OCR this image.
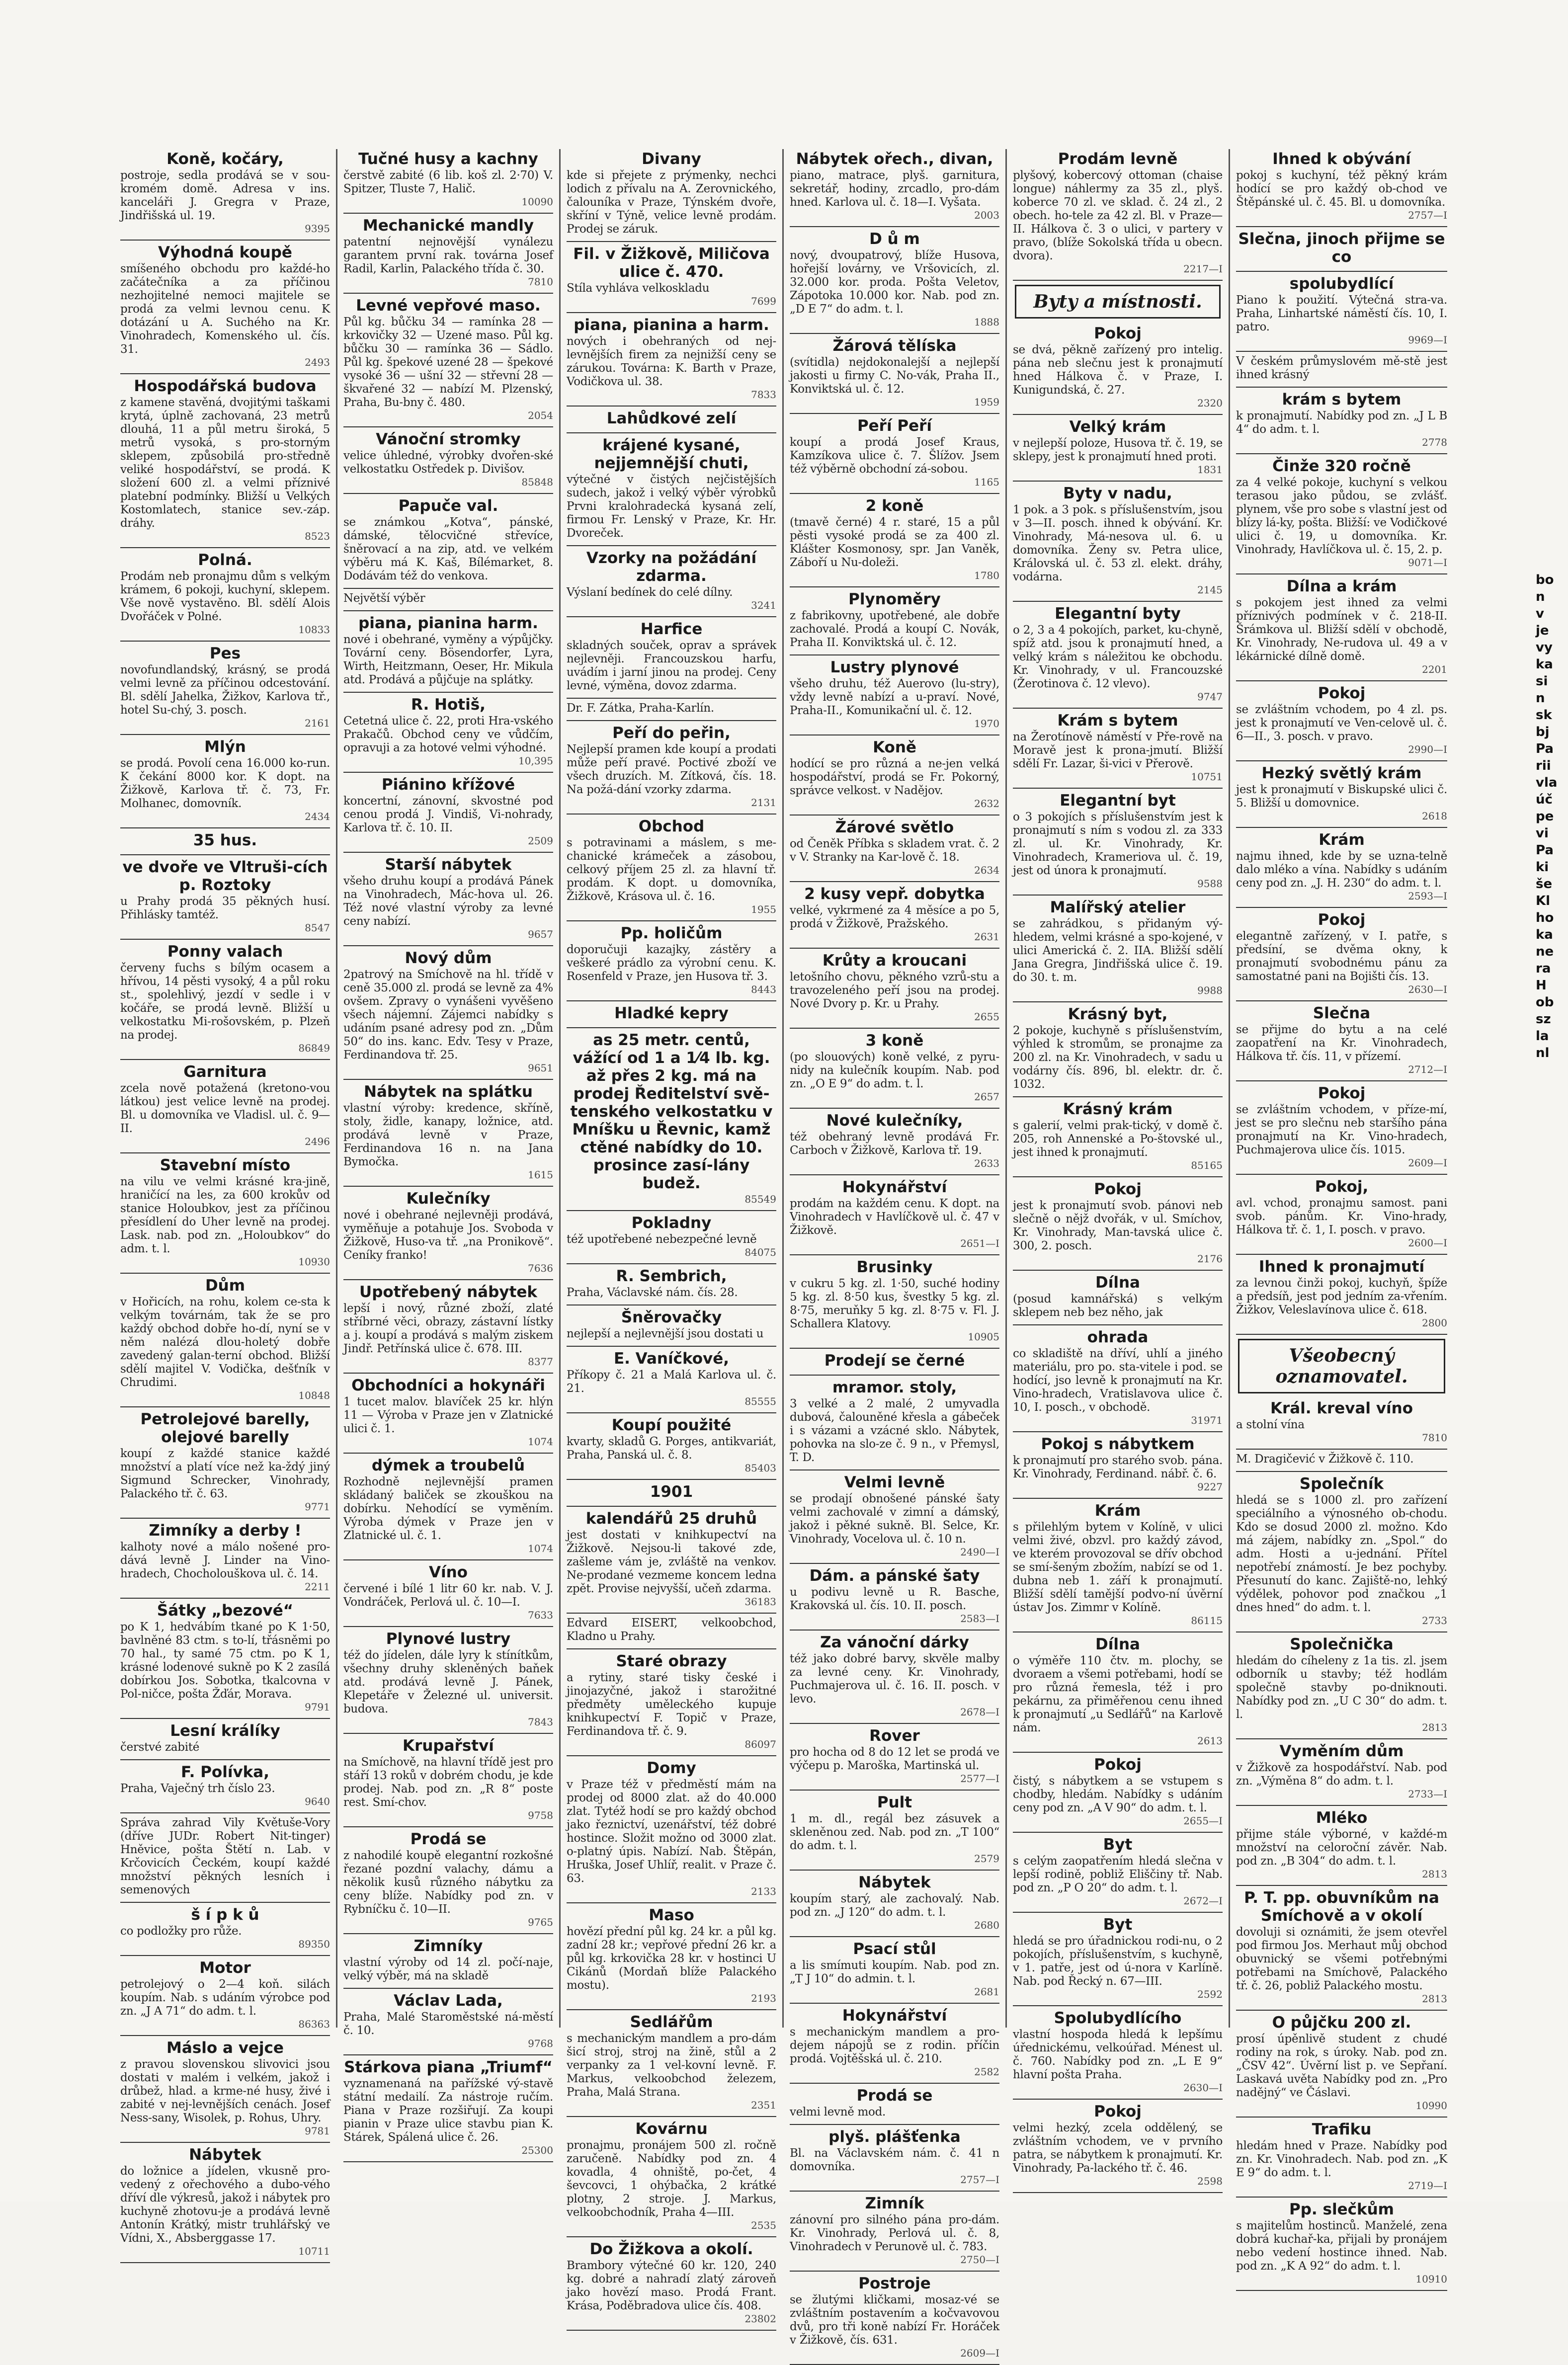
Koně, kočáry,
postroje, sedla prodává se v sou-kromém domě. Adresa v ins. kanceláři J. Gregra v Praze, Jindřišská ul. 19.
9395
Výhodná koupě
smíšeného obchodu pro každé-ho začátečníka a za příčinou nezhojitelné nemoci majitele se prodá za velmi levnou cenu. K dotázání u A. Suchého na Kr. Vinohradech, Komenského ul. čís. 31.
2493
Hospodářská budova
z kamene stavěná, dvojitými taškami krytá, úplně zachovaná, 23 metrů dlouhá, 11 a půl metru široká, 5 metrů vysoká, s pro-storným sklepem, způsobilá pro-středně veliké hospodářství, se prodá. K složení 600 zl. a velmi příznivé platební podmínky. Bližší u Velkých Kostomlatech, stanice sev.-záp. dráhy.
8523
Polná.
Prodám neb pronajmu dům s velkým krámem, 6 pokoji, kuchyní, sklepem. Vše nově vystavěno. Bl. sdělí Alois Dvořáček v Polné.
10833
Pes
novofundlandský, krásný, se prodá velmi levně za příčinou odcestování. Bl. sdělí Jahelka, Žižkov, Karlova tř., hotel Su-chý, 3. posch.
2161
Mlýn
se prodá. Povolí cena 16.000 ko-run. K čekání 8000 kor. K dopt. na Žižkově, Karlova tř. č. 73, Fr. Molhanec, domovník.
2434
35 hus.
ve dvoře ve Vltruši-cích p. Roztoky
u Prahy prodá 35 pěkných husí. Přihlásky tamtéž.
8547
Ponny valach
červeny fuchs s bílým ocasem a hřívou, 14 pěsti vysoký, 4 a půl roku st., spolehlivý, jezdí v sedle i v kočáře, se prodá levně. Bližší u velkostatku Mi-rošovském, p. Plzeň na prodej.
86849
Garnitura
zcela nově potažená (kretono-vou látkou) jest velice levně na prodej. Bl. u domovníka ve Vladisl. ul. č. 9—II.
2496
Stavební místo
na vilu ve velmi krásné kra-jině, hraničící na les, za 600 krokův od stanice Holoubkov, jest za příčinou přesídlení do Uher levně na prodej. Lask. nab. pod zn. „Holoubkov“ do adm. t. l.
10930
Dům
v Hořicích, na rohu, kolem ce-sta k velkým továrnám, tak že se pro každý obchod dobře ho-dí, nyní se v něm nalézá dlou-holetý dobře zavedený galan-terní obchod. Bližší sdělí majitel V. Vodička, dešťník v Chrudimi.
10848
Petrolejové barelly, olejové barelly
koupí z každé stanice každé množství a platí více než ka-ždý jiný Sigmund Schrecker, Vinohrady, Palackého tř. č. 63.
9771
Zimníky a derby !
kalhoty nové a málo nošené pro-dává levně J. Linder na Vino-hradech, Chocholouškova ul. č. 14.
2211
Šátky „bezové“
po K 1, hedvábím tkané po K 1·50, bavlněné 83 ctm. s to-lí, třásněmi po 70 hal., ty samé 75 ctm. po K 1, krásné lodenové sukně po K 2 zasílá dobírkou Jos. Sobotka, tkalcovna v Pol-ničce, pošta Žďár, Morava.
9791
Lesní králíky
čerstvé zabité
F. Polívka,
Praha, Vaječný trh číslo 23.
9640
Správa zahrad Vily Květuše-Vory (dříve JUDr. Robert Nit-tinger) Hněvice, pošta Štětí n. Lab. v Krčovicích Čeckém, koupí každé množství pěkných lesních i semenových
š í p k ů
co podložky pro růže.
89350
Motor
petrolejový o 2—4 koň. silách koupím. Nab. s udáním výrobce pod zn. „J A 71“ do adm. t. l.
86363
Máslo a vejce
z pravou slovenskou slivovici jsou dostati v malém i velkém, jakož i drůbež, hlad. a krme-né husy, živé i zabité v nej-levnějších cenách. Josef Ness-sany, Wisolek, p. Rohus, Uhry.
9781
Nábytek
do ložnice a jídelen, vkusně pro-vedený z ořechového a dubo-vého dříví dle výkresů, jakož i nábytek pro kuchyně zhotovu-je a prodává levně Antonín Krátký, mistr truhlářský ve Vídni, X., Absberggasse 17.
10711
Tučné husy a kachny
čerstvě zabité (6 lib. koš zl. 2·70) V. Spitzer, Tluste 7, Halič.
10090
Mechanické mandly
patentní nejnovější vynálezu garantem první rak. továrna Josef Radil, Karlin, Palackého třída č. 30.
7810
Levné vepřové maso.
Půl kg. bůčku 34 — ramínka 28 — krkovičky 32 — Uzené maso. Půl kg. bůčku 30 — ramínka 36 — Sádlo. Půl kg. špekové uzené 28 — špekové vysoké 36 — ušní 32 — střevní 28 — škvařené 32 — nabízí M. Plzenský, Praha, Bu-bny č. 480.
2054
Vánoční stromky
velice úhledné, výrobky dvořen-ské velkostatku Ostředek p. Divišov.
85848
Papuče val.
se známkou „Kotva“, pánské, dámské, tělocvičné střevíce, šněrovací a na zip, atd. ve velkém výběru má K. Kaš, Bílémarket, 8. Dodávám též do venkova.
Největší výběr
piana, pianina harm.
nové i obehrané, vyměny a výpůjčky. Tovární ceny. Bösendorfer, Lyra, Wirth, Heitzmann, Oeser, Hr. Mikula atd. Prodává a půjčuje na splátky.
R. Hotiš,
Cetetná ulice č. 22, proti Hra-vského Prakačů. Obchod ceny ve vůdčím, opravuji a za hotové velmi výhodné.
10,395
Piánino křížové
koncertní, zánovní, skvostné pod cenou prodá J. Vindiš, Vi-nohrady, Karlova tř. č. 10. II.
2509
Starší nábytek
všeho druhu koupí a prodává Pánek na Vinohradech, Mác-hova ul. 26. Též nové vlastní výroby za levné ceny nabízí.
9657
Nový dům
2patrový na Smíchově na hl. třídě v ceně 35.000 zl. prodá se levně za 4% ovšem. Zpravy o vynášeni vyvěšeno všech nájemní. Zájemci nabídky s udáním psané adresy pod zn. „Dům 50“ do ins. kanc. Edv. Tesy v Praze, Ferdinandova tř. 25.
9651
Nábytek na splátku
vlastní výroby: kredence, skříně, stoly, židle, kanapy, ložnice, atd. prodává levně v Praze, Ferdinandova 16 n. na Jana Bymočka.
1615
Kulečníky
nové i obehrané nejlevněji prodává, vyměňuje a potahuje Jos. Svoboda v Žižkově, Huso-va tř. „na Pronikově“. Ceníky franko!
7636
Upotřebený nábytek
lepší i nový, různé zboží, zlaté stříbrné věci, obrazy, zástavní lístky a j. koupí a prodává s malým ziskem Jindř. Petřínská ulice č. 678. III.
8377
Obchodníci a hokynáři
1 tucet malov. blavíček 25 kr. hlýn 11 — Výroba v Praze jen v Zlatnické ulici č. 1.
1074
dýmek a troubelů
Rozhodně nejlevnější pramen skládaný baliček se zkouškou na dobírku. Nehodící se vyměním. Výroba dýmek v Praze jen v Zlatnické ul. č. 1.
1074
Víno
červené i bílé 1 litr 60 kr. nab. V. J. Vondráček, Perlová ul. č. 10—I.
7633
Plynové lustry
též do jídelen, dále lyry k stínítkům, všechny druhy skleněných baňek atd. prodává levně J. Pánek, Klepetáře v Železné ul. universit. budova.
7843
Krupařství
na Smíchově, na hlavní třídě jest pro stáří 13 roků v dobrém chodu, je kde prodej. Nab. pod zn. „R 8“ poste rest. Smí-chov.
9758
Prodá se
z nahodilé koupě elegantní rozkošné řezané pozdní valachy, dámu a několik kusů různého nábytku za ceny blíže. Nabídky pod zn. v Rybníčku č. 10—II.
9765
Zimníky
vlastní výroby od 14 zl. počí-naje, velký výběr, má na skladě
Václav Lada,
Praha, Malé Staroměstské ná-městí č. 10.
9768
Stárkova piana „Triumf“
vyznamenaná na pařížské vý-stavě státní medailí. Za nástroje ručím. Piana v Praze rozšiřují. Za koupi pianin v Praze ulice stavbu pian K. Stárek, Spálená ulice č. 26.
25300
Divany
kde si přejete z prýmenky, nechci lodich z přívalu na A. Zerovnického, čalouníka v Praze, Týnském dvoře, skříní v Týně, velice levně prodám. Prodej se záruk.
Fil. v Žižkově, Miličova ulice č. 470.
Stíla vyhláva velkoskladu
7699
piana, pianina a harm.
nových i obehraných od nej-levnějších firem za nejnižší ceny se zárukou. Továrna: K. Barth v Praze, Vodičkova ul. 38.
7833
Lahůdkové zelí
krájené kysané, nejjemnější chuti,
výtečné v čistých nejčistějších sudech, jakož i velký výběr výrobků Prvni kralohradecká kysaná zelí, firmou Fr. Lenský v Praze, Kr. Hr. Dvoreček.
Vzorky na požádání zdarma.
Výslaní bedínek do celé dílny.
3241
Harfice
skladných souček, oprav a správek nejlevněji. Francouzskou harfu, uvádím i jarní jinou na prodej. Ceny levné, výměna, dovoz zdarma.
Dr. F. Zátka, Praha-Karlín.
Peří do peřin,
Nejlepší pramen kde koupí a prodati může peří pravé. Poctivé zboží ve všech druzích. M. Zítková, čís. 18. Na požá-dání vzorky zdarma.
2131
Obchod
s potravinami a máslem, s me-chanické krámeček a zásobou, celkový příjem 25 zl. za hlavní tř. prodám. K dopt. u domovníka, Žižkově, Krásova ul. č. 16.
1955
Pp. holičům
doporučuji kazajky, zástěry a veškeré prádlo za výrobní cenu. K. Rosenfeld v Praze, jen Husova tř. 3.
8443
Hladké kepry
as 25 metr. centů, vážící od 1 a 1⁄4 lb. kg. až přes 2 kg. má na prodej Ředitelství svě-tenského velkostatku v Mníšku u Řevnic, kamž ctěné nabídky do 10. prosince zasí-lány budež.
85549
Pokladny
též upotřebené nebezpečné levně
84075
R. Sembrich,
Praha, Václavské nám. čís. 28.
Šněrovačky
nejlepší a nejlevnější jsou dostati u
E. Vaníčkové,
Příkopy č. 21 a Malá Karlova ul. č. 21.
85555
Koupí použité
kvarty, skladů G. Porges, antikvariát, Praha, Panská ul. č. 8.
85403
1901
kalendářů 25 druhů
jest dostati v knihkupectví na Žižkově. Nejsou-li takové zde, zašleme vám je, zvláště na venkov. Ne-prodané vezmeme koncem ledna zpět. Provise nejvyšší, učeň zdarma.
36183
Edvard EISERT, velkoobchod, Kladno u Prahy.
Staré obrazy
a rytiny, staré tisky české i jinojazyčné, jakož i starožitné předměty uměleckého kupuje knihkupectví F. Topič v Praze, Ferdinandova tř. č. 9.
86097
Domy
v Praze též v předměstí mám na prodej od 8000 zlat. až do 40.000 zlat. Tytéž hodí se pro každý obchod jako řeznictví, uzenářství, též dobré hostince. Složit možno od 3000 zlat. o-platný úpis. Nabízí. Nab. Štěpán, Hruška, Josef Uhlíř, realit. v Praze č. 63.
2133
Maso
hovězí přední půl kg. 24 kr. a půl kg. zadní 28 kr.; vepřové přední 26 kr. a půl kg. krkovička 28 kr. v hostinci U Cikánů (Mordaň blíže Palackého mostu).
2193
Sedlářům
s mechanickým mandlem a pro-dám šicí stroj, stroj na žině, stůl a 2 verpanky za 1 vel-kovní levně. F. Markus, velkoobchod železem, Praha, Malá Strana.
2351
Kovárnu
pronajmu, pronájem 500 zl. ročně zaručeně. Nabídky pod zn. 4 kovadla, 4 ohniště, po-čet, 4 ševcovci, 1 ohýbačka, 2 krátké plotny, 2 stroje. J. Markus, velkoobchodník, Praha 4—III.
2535
Do Žižkova a okolí.
Brambory výtečné 60 kr. 120, 240 kg. dobré a nahradí zlatý zároveň jako hovězí maso. Prodá Frant. Krása, Poděbradova ulice čís. 408.
23802
Nábytek ořech., divan,
piano, matrace, plyš. garnitura, sekretář, hodiny, zrcadlo, pro-dám hned. Karlova ul. č. 18—I. Vyšata.
2003
D ů m
nový, dvoupatrový, blíže Husova, hořejší lovárny, ve Vršovicích, zl. 32.000 kor. proda. Pošta Veletov, Zápotoka 10.000 kor. Nab. pod zn. „D E 7“ do adm. t. l.
1888
Žárová tělíska
(svítidla) nejdokonalejší a nejlepší jakosti u firmy C. No-vák, Praha II., Konviktská ul. č. 12.
1959
Peří Peří
koupí a prodá Josef Kraus, Kamzíkova ulice č. 7. Šlížov. Jsem též výběrně obchodní zá-sobou.
1165
2 koně
(tmavě černé) 4 r. staré, 15 a půl pěsti vysoké prodá se za 400 zl. Klášter Kosmonosy, spr. Jan Vaněk, Záboří u Nu-doleži.
1780
Plynoměry
z fabrikovny, upotřebené, ale dobře zachovalé. Prodá a koupí C. Novák, Praha II. Konviktská ul. č. 12.
Lustry plynové
všeho druhu, též Auerovo (lu-stry), vždy levně nabízí a u-praví. Nové, Praha-II., Komunikační ul. č. 12.
1970
Koně
hodící se pro různá a ne-jen velká hospodářství, prodá se Fr. Pokorný, správce velkost. v Nadějov.
2632
Žárové světlo
od Čeněk Příbka s skladem vrat. č. 2 v V. Stranky na Kar-lově č. 18.
2634
2 kusy vepř. dobytka
velké, vykrmené za 4 měsíce a po 5, prodá v Žižkově, Pražského.
2631
Krůty a kroucani
letošního chovu, pěkného vzrů-stu a travozeleného peří jsou na prodej. Nové Dvory p. Kr. u Prahy.
2655
3 koně
(po slouových) koně velké, z pyru-nidy na kulečník koupím. Nab. pod zn. „O E 9“ do adm. t. l.
2657
Nové kulečníky,
též obehraný levně prodává Fr. Carboch v Žižkově, Karlova tř. 19.
2633
Hokynářství
prodám na každém cenu. K dopt. na Vinohradech v Havlíčkově ul. č. 47 v Žižkově.
2651—I
Brusinky
v cukru 5 kg. zl. 1·50, suché hodiny 5 kg. zl. 8·50 kus, švestky 5 kg. zl. 8·75, meruňky 5 kg. zl. 8·75 v. Fl. J. Schallera Klatovy.
10905
Prodejí se černé
mramor. stoly,
3 velké a 2 malé, 2 umyvadla dubová, čalouněné křesla a gábeček i s vázami a vzácné sklo. Nábytek, pohovka na slo-ze č. 9 n., v Přemysl, T. D.
Velmi levně
se prodají obnošené pánské šaty velmi zachovalé v zimní a dámský, jakož i pěkné sukně. Bl. Selce, Kr. Vinohrady, Vocelova ul. č. 10 n.
2490—I
Dám. a pánské šaty
u podivu levně u R. Basche, Krakovská ul. čís. 10. II. posch.
2583—I
Za vánoční dárky
též jako dobré barvy, skvěle malby za levné ceny. Kr. Vinohrady, Puchmajerova ul. č. 16. II. posch. v levo.
2678—I
Rover
pro hocha od 8 do 12 let se prodá ve výčepu p. Maroška, Martinská ul.
2577—I
Pult
1 m. dl., regál bez zásuvek a skleněnou zed. Nab. pod zn. „T 100“ do adm. t. l.
2579
Nábytek
koupím starý, ale zachovalý. Nab. pod zn. „J 120“ do adm. t. l.
2680
Psací stůl
a lis smímuti koupím. Nab. pod zn. „T J 10“ do admin. t. l.
2681
Hokynářství
s mechanickým mandlem a pro-dejem nápojů se z rodin. příčin prodá. Vojtěšská ul. č. 210.
2582
Prodá se
velmi levně mod.
plyš. plášťenka
Bl. na Václavském nám. č. 41 n domovníka.
2757—I
Zimník
zánovní pro silného pána pro-dám. Kr. Vinohrady, Perlová ul. č. 8, Vinohradech v Perunově ul. č. 783.
2750—I
Postroje
se žlutými kličkami, mosaz-vé se zvláštním postavením a kočvavovou dvů, pro tři koně nabízí Fr. Horáček v Žižkově, čís. 631.
2609—I
Prodám levně
plyšový, kobercový ottoman (chaise longue) náhlermy za 35 zl., plyš. koberce 70 zl. ve sklad. č. 24 zl., 2 obech. ho-tele za 42 zl. Bl. v Praze—II. Hálkova č. 3 o ulici, v partery v pravo, (blíže Sokolská třída u obecn. dvora).
2217—I
Byty a místnosti.
Pokoj
se dvá, pěkně zařízený pro intelig. pána neb slečnu jest k pronajmutí hned Hálkova č. v Praze, I. Kunigundská, č. 27.
2320
Velký krám
v nejlepší poloze, Husova tř. č. 19, se sklepy, jest k pronajmutí hned proti.
1831
Byty v nadu,
1 pok. a 3 pok. s příslušenstvím, jsou v 3—II. posch. ihned k obývání. Kr. Vinohrady, Má-nesova ul. 6. u domovníka. Ženy sv. Petra ulice, Královská ul. č. 53 zl. elekt. dráhy, vodárna.
2145
Elegantní byty
o 2, 3 a 4 pokojích, parket, ku-chyně, spíž atd. jsou k pronajmutí hned, a velký krám s náležitou ke obchodu. Kr. Vinohrady, v ul. Francouzské (Žerotinova č. 12 vlevo).
9747
Krám s bytem
na Žerotínově náměstí v Pře-rově na Moravě jest k prona-jmutí. Bližší sdělí Fr. Lazar, ši-vici v Přerově.
10751
Elegantní byt
o 3 pokojích s příslušenstvím jest k pronajmutí s ním s vodou zl. za 333 zl. ul. Kr. Vinohrady, Kr. Vinohradech, Krameriova ul. č. 19, jest od února k pronajmutí.
9588
Malířský atelier
se zahrádkou, s přidaným vý-hledem, velmi krásné a spo-kojené, v ulici Americká č. 2. IIA. Bližší sdělí Jana Gregra, Jindřišská ulice č. 19. do 30. t. m.
9988
Krásný byt,
2 pokoje, kuchyně s příslušenstvím, výhled k stromům, se pronajme za 200 zl. na Kr. Vinohradech, v sadu u vodárny čís. 896, bl. elektr. dr. č. 1032.
Krásný krám
s galerií, velmi prak-tický, v domě č. 205, roh Annenské a Po-štovské ul., jest ihned k pronajmutí.
85165
Pokoj
jest k pronajmutí svob. pánovi neb slečně o nějž dvořák, v ul. Smíchov, Kr. Vinohrady, Man-tavská ulice č. 300, 2. posch.
2176
Dílna
(posud kamnářská) s velkým sklepem neb bez něho, jak
ohrada
co skladiště na dříví, uhlí a jiného materiálu, pro po. sta-vitele i pod. se hodící, jso levně k pronajmutí na Kr. Vino-hradech, Vratislavova ulice č. 10, I. posch., v obchodě.
31971
Pokoj s nábytkem
k pronajmutí pro starého svob. pána. Kr. Vinohrady, Ferdinand. nábř. č. 6.
9227
Krám
s přilehlým bytem v Kolíně, v ulici velmi živé, obzvl. pro každý závod, ve kterém provozoval se dřív obchod se smí-šeným zbožím, nabízí se od 1. dubna neb 1. září k pronajmutí. Bližší sdělí tamější podvo-ní úvěrní ústav Jos. Zimmr v Kolíně.
86115
Dílna
o výměře 110 čtv. m. plochy, se dvoraem a všemi potřebami, hodí se pro různá řemesla, též i pro pekárnu, za přiměřenou cenu ihned k pronajmutí „u Sedlářů“ na Karlově nám.
2613
Pokoj
čistý, s nábytkem a se vstupem s chodby, hledám. Nabídky s udáním ceny pod zn. „A V 90“ do adm. t. l.
2655—I
Byt
s celým zaopatřením hledá slečna v lepší rodině, pobliž Eliščiny tř. Nab. pod zn. „P O 20“ do adm. t. l.
2672—I
Byt
hledá se pro úřadnickou rodi-nu, o 2 pokojích, příslušenstvím, s kuchyně, v 1. patře, jest od ú-nora v Karlíně. Nab. pod Řecký n. 67—III.
2592
Spolubydlícího
vlastní hospoda hledá k lepšímu úřednickému, velkoúřad. Ménest ul. č. 760. Nabídky pod zn. „L E 9“ hlavní pošta Praha.
2630—I
Pokoj
velmi hezký, zcela oddělený, se zvláštním vchodem, ve v prvního patra, se nábytkem k pronajmutí. Kr. Vinohrady, Pa-lackého tř. č. 46.
2598
Ihned k obývání
pokoj s kuchyní, též pěkný krám hodící se pro každý ob-chod ve Štěpánské ul. č. 45. Bl. u domovníka.
2757—I
Slečna, jinoch přijme se co
spolubydlící
Piano k použití. Výtečná stra-va. Praha, Linhartské náměstí čís. 10, I. patro.
9969—I
V českém průmyslovém mě-stě jest ihned krásný
krám s bytem
k pronajmutí. Nabídky pod zn. „J L B 4“ do adm. t. l.
2778
Činže 320 ročně
za 4 velké pokoje, kuchyní s velkou terasou jako půdou, se zvlášť. plynem, vše pro sobe s vlastní jest od blízy lá-ky, pošta. Bližší: ve Vodičkové ulici č. 19, u domovníka. Kr. Vinohrady, Havlíčkova ul. č. 15, 2. p.
9071—I
Dílna a krám
s pokojem jest ihned za velmi příznivých podmínek v č. 218-II. Šrámkova ul. Bližší sdělí v obchodě, Kr. Vinohrady, Ne-rudova ul. 49 a v lékárnické dílně domě.
2201
Pokoj
se zvláštním vchodem, po 4 zl. ps. jest k pronajmutí ve Ven-celově ul. č. 6—II., 3. posch. v pravo.
2990—I
Hezký světlý krám
jest k pronajmutí v Biskupské ulici č. 5. Bližší u domovnice.
2618
Krám
najmu ihned, kde by se uzna-telně dalo mléko a vína. Nabídky s udáním ceny pod zn. „J. H. 230“ do adm. t. l.
2593—I
Pokoj
elegantně zařízený, v I. patře, s předsíní, se dvěma okny, k pronajmutí svobodnému pánu za samostatné pani na Bojišti čís. 13.
2630—I
Slečna
se přijme do bytu a na celé zaopatření na Kr. Vinohradech, Hálkova tř. čís. 11, v přízemí.
2712—I
Pokoj
se zvláštním vchodem, v příze-mí, jest se pro slečnu neb staršího pána pronajmutí na Kr. Vino-hradech, Puchmajerova ulice čís. 1015.
2609—I
Pokoj,
avl. vchod, pronajmu samost. pani svob. pánům. Kr. Vino-hrady, Hálkova tř. č. 1, I. posch. v pravo.
2600—I
Ihned k pronajmutí
za levnou činži pokoj, kuchyň, špíže a předsíň, jest pod jedním za-vřením. Žižkov, Veleslavínova ulice č. 618.
2800
Všeobecný oznamovatel.
Král. kreval víno
a stolní vína
7810
M. Dragičević v Žižkově č. 110.
Společník
hledá se s 1000 zl. pro zařízení speciálního a výnosného ob-chodu. Kdo se dosud 2000 zl. možno. Kdo má zájem, nabídky zn. „Spol.“ do adm. Hosti a u-jednání. Přítel nepotřebí známostí. Je bez pochyby. Přesunutí do kanc. Zajiště-no, lehký výdělek, pohovor pod značkou „1 dnes hned“ do adm. t. l.
2733
Společnička
hledám do cíheleny z 1a tis. zl. jsem odborník u stavby; též hodlám společně stavby po-dniknouti. Nabídky pod zn. „U C 30“ do adm. t. l.
2813
Vyměním dům
v Žižkově za hospodářství. Nab. pod zn. „Výměna 8“ do adm. t. l.
2733—I
Mléko
přijme stále výborné, v každé-m množství na celoroční závěr. Nab. pod zn. „B 304“ do adm. t. l.
2813
P. T. pp. obuvníkům na Smíchově a v okolí
dovoluji si oznámiti, že jsem otevřel pod firmou Jos. Merhaut můj obchod obuvnický se všemi potřebnými potřebami na Smíchově, Palackého tř. č. 26, pobliž Palackého mostu.
2813
O půjčku 200 zl.
prosí úpěnlivě student z chudé rodiny na rok, s úroky. Nab. pod zn. „ČSV 42“. Úvěrní list p. ve Sepřaní. Laskavá uvěta Nabídky pod zn. „Pro nadějný“ ve Čáslavi.
10990
Trafiku
hledám hned v Praze. Nabídky pod zn. Kr. Vinohradech. Nab. pod zn. „K E 9“ do adm. t. l.
2719—I
Pp. slečkům
s majitelům hostinců. Manželé, zena dobrá kuchař-ka, přijali by pronájem nebo vedení hostince ihned. Nab. pod zn. „K A 92“ do adm. t. l.
10910
bo
n
v
je
vy
ka
si
n
sk
bj
Pa
rii
vla
úč
pe
vi
Pa
ki
še
Kl
ho
ka
ne
ra
H
ob
sz
la
nl
